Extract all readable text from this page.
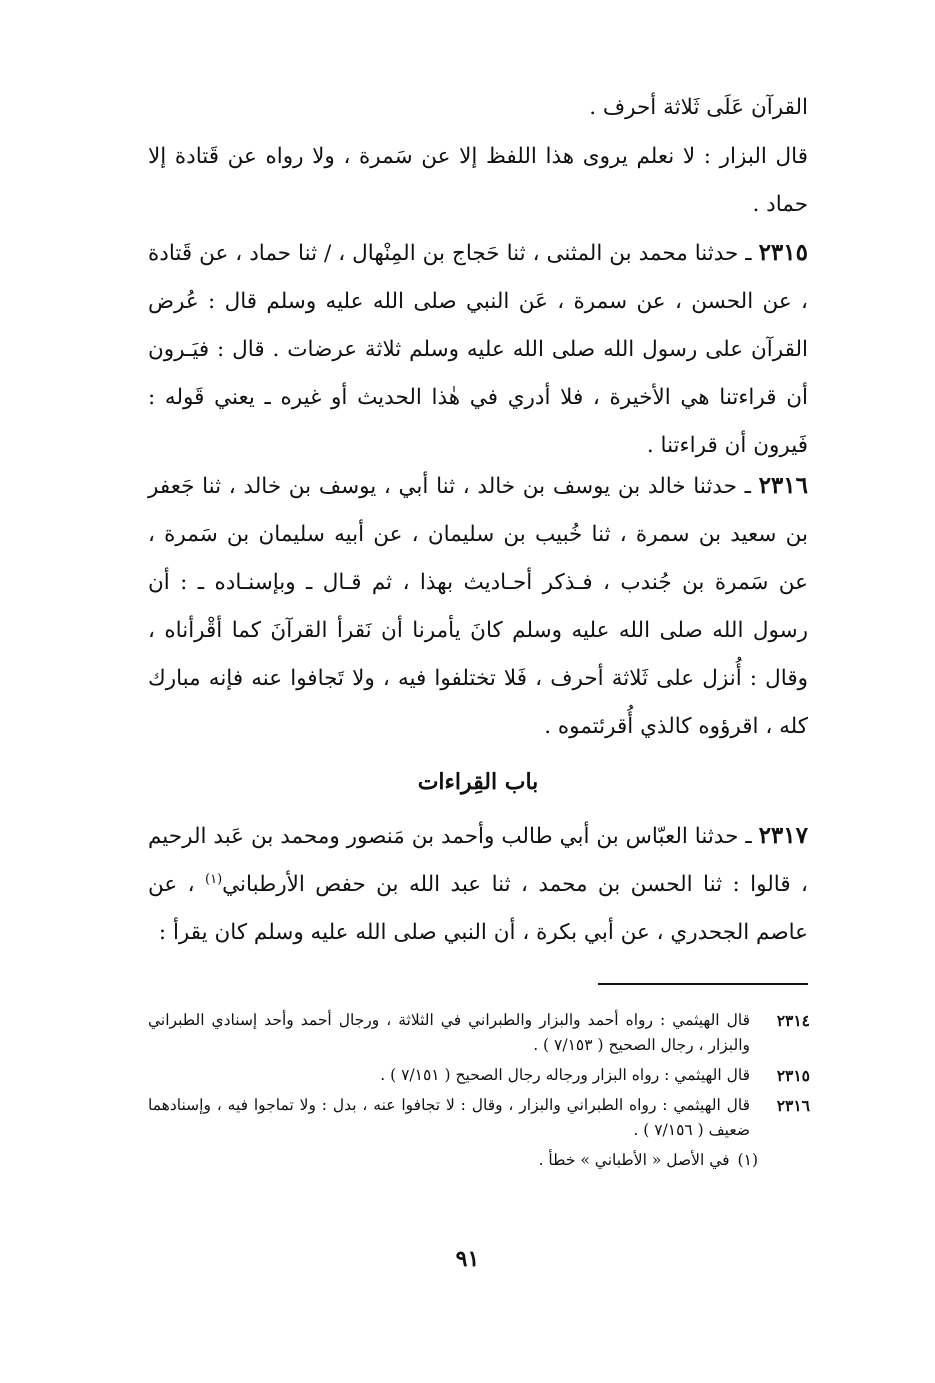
القرآن عَلَى ثَلاثة أحرف .

قال البزار : لا نعلم يروى هذا اللفظ إلا عن سَمرة ، ولا رواه عن قَتادة إلا حماد .

٢٣١٥ ـ حدثنا محمد بن المثنى ، ثنا حَجاج بن المِنْهال ، / ثنا حماد ، عن قَتادة ، عن الحسن ، عن سمرة ، عَن النبي صلى الله عليه وسلم قال : عُرض القرآن على رسول الله صلى الله عليه وسلم ثلاثة عرضات . قال : فيَـرون أن قراءتنا هي الأخيرة ، فلا أدري في هٰذا الحديث أو غيره ـ يعني قَوله : فَيرون أن قراءتنا .

٢٣١٦ ـ حدثنا خالد بن يوسف بن خالد ، ثنا أبي ، يوسف بن خالد ، ثنا جَعفر بن سعيد بن سمرة ، ثنا خُبيب بن سليمان ، عن أبيه سليمان بن سَمرة ، عن سَمرة بن جُندب ، فـذكر أحـاديث بهذا ، ثم قـال ـ وبإسنـاده ـ : أن رسول الله صلى الله عليه وسلم كانَ يأمرنا أن نَقرأ القرآنَ كما أقْرأناه ، وقال : أُنزل على ثَلاثة أحرف ، فَلا تختلفوا فيه ، ولا تَجافوا عنه فإنه مبارك كله ، اقرؤوه كالذي أُقرئتموه .

باب القِراءات

٢٣١٧ ـ حدثنا العبّاس بن أبي طالب وأحمد بن مَنصور ومحمد بن عَبد الرحيم ، قالوا : ثنا الحسن بن محمد ، ثنا عبد الله بن حفص الأرطباني$^{(١)}$ ، عن عاصم الجحدري ، عن أبي بكرة ، أن النبي صلى الله عليه وسلم كان يقرأ :

٢٣١٤
قال الهيثمي : رواه أحمد والبزار والطبراني في الثلاثة ، ورجال أحمد وأحد إسنادي الطبراني والبزار ، رجال الصحيح ( ٧/١٥٣ ) .
٢٣١٥
قال الهيثمي : رواه البزار ورجاله رجال الصحيح ( ٧/١٥١ ) .
٢٣١٦
قال الهيثمي : رواه الطبراني والبزار ، وقال : لا تجافوا عنه ، بدل : ولا تماجوا فيه ، وإسنادهما ضعيف ( ٧/١٥٦ ) .
(١)
في الأصل « الأطباني » خطأ .
٩١
